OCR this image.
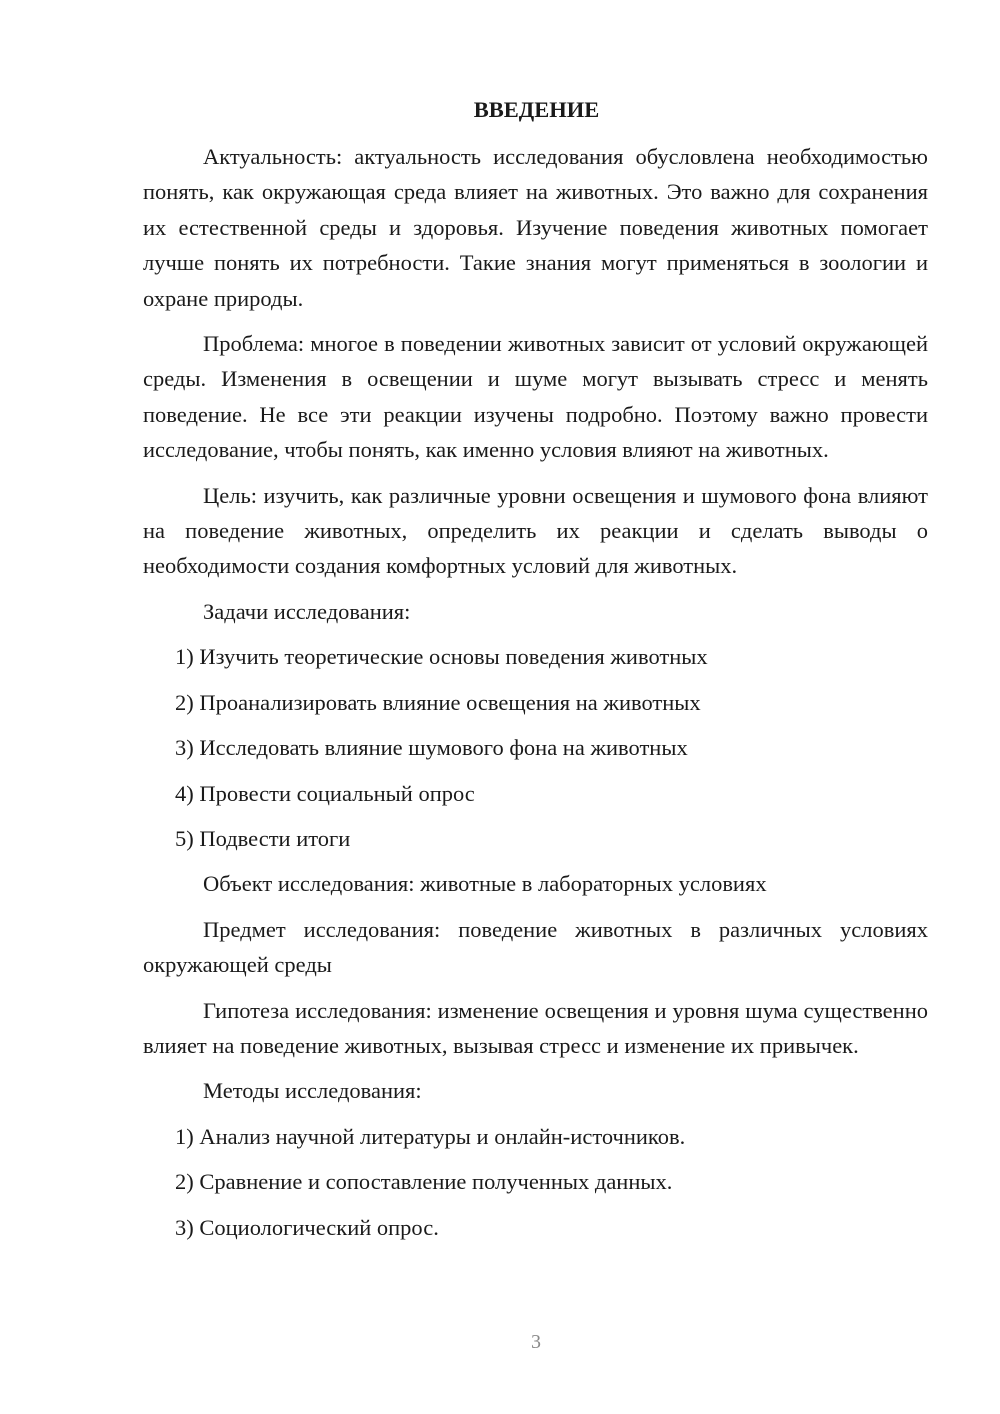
ВВЕДЕНИЕ

Актуальность: актуальность исследования обусловлена необходимостью понять, как окружающая среда влияет на животных. Это важно для сохранения их естественной среды и здоровья. Изучение поведения животных помогает лучше понять их потребности. Такие знания могут применяться в зоологии и охране природы.

Проблема: многое в поведении животных зависит от условий окружающей среды. Изменения в освещении и шуме могут вызывать стресс и менять поведение. Не все эти реакции изучены подробно. Поэтому важно провести исследование, чтобы понять, как именно условия влияют на животных.

Цель: изучить, как различные уровни освещения и шумового фона влияют на поведение животных, определить их реакции и сделать выводы о необходимости создания комфортных условий для животных.

Задачи исследования:

1) Изучить теоретические основы поведения животных
2) Проанализировать влияние освещения на животных
3) Исследовать влияние шумового фона на животных
4) Провести социальный опрос
5) Подвести итоги

Объект исследования: животные в лабораторных условиях

Предмет исследования: поведение животных в различных условиях окружающей среды

Гипотеза исследования: изменение освещения и уровня шума существенно влияет на поведение животных, вызывая стресс и изменение их привычек.

Методы исследования:

1) Анализ научной литературы и онлайн-источников.
2) Сравнение и сопоставление полученных данных.
3) Социологический опрос.
3
